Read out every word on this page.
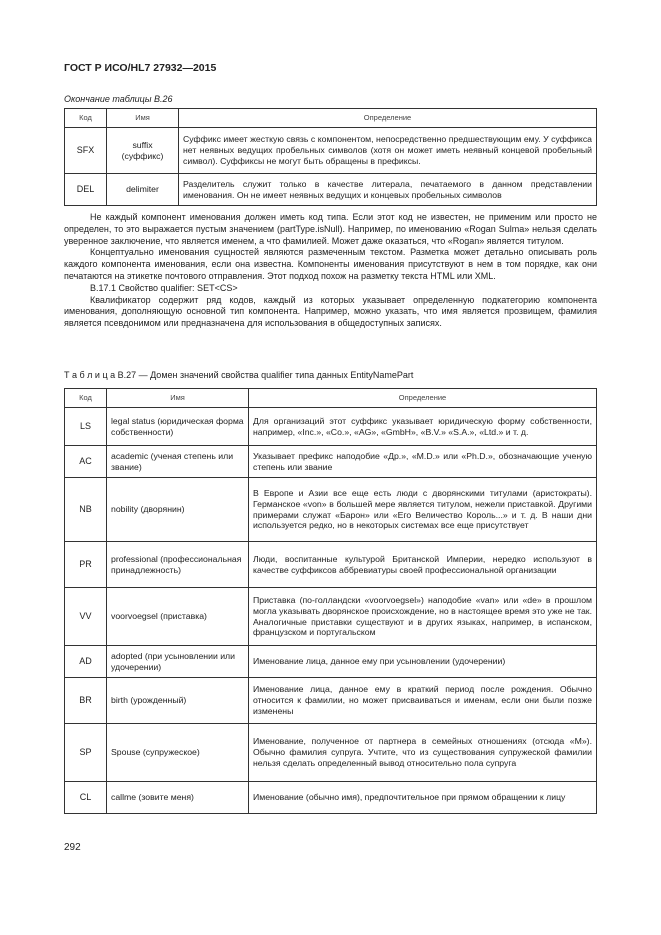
ГОСТ Р ИСО/HL7 27932—2015
Окончание таблицы В.26
Код	Имя	Определение
SFX	suffix (суффикс)	Суффикс имеет жесткую связь с компонентом, непосредственно предшествующим ему. У суффикса нет неявных ведущих пробельных символов (хотя он может иметь неявный концевой пробельный символ). Суффиксы не могут быть обращены в префиксы.
DEL	delimiter	Разделитель служит только в качестве литерала, печатаемого в данном представлении именования. Он не имеет неявных ведущих и концевых пробельных символов

Не каждый компонент именования должен иметь код типа. Если этот код не известен, не применим или просто не определен, то это выражается пустым значением (partType.isNull). Например, по именованию «Rogan Sulma» нельзя сделать уверенное заключение, что является именем, а что фамилией. Может даже оказаться, что «Rogan» является титулом.

Концептуально именования сущностей являются размеченным текстом. Разметка может детально описывать роль каждого компонента именования, если она известна. Компоненты именования присутствуют в нем в том порядке, как они печатаются на этикетке почтового отправления. Этот подход похож на разметку текста HTML или XML.

В.17.1 Свойство qualifier: SET<CS>

Квалификатор содержит ряд кодов, каждый из которых указывает определенную подкатегорию компонента именования, дополняющую основной тип компонента. Например, можно указать, что имя является прозвищем, фамилия является псевдонимом или предназначена для использования в общедоступных записях.

Т а б л и ц а В.27 — Домен значений свойства qualifier типа данных EntityNamePart
Код	Имя	Определение
LS	legal status (юридическая форма собственности)	Для организаций этот суффикс указывает юридическую форму собственности, например, «Inc.», «Co.», «AG», «GmbH», «B.V.» «S.A.», «Ltd.» и т. д.
AC	academic (ученая степень или звание)	Указывает префикс наподобие «Др.», «M.D.» или «Ph.D.», обозначающие ученую степень или звание
NB	nobility (дворянин)	В Европе и Азии все еще есть люди с дворянскими титулами (аристократы). Германское «von» в большей мере является титулом, нежели приставкой. Другими примерами служат «Барон» или «Его Величество Король...» и т. д. В наши дни используется редко, но в некоторых системах все еще присутствует
PR	professional (профессиональная принадлежность)	Люди, воспитанные культурой Британской Империи, нередко используют в качестве суффиксов аббревиатуры своей профессиональной организации
VV	voorvoegsel (приставка)	Приставка (по-голландски «voorvoegsel») наподобие «van» или «de» в прошлом могла указывать дворянское происхождение, но в настоящее время это уже не так. Аналогичные приставки существуют и в других языках, например, в испанском, французском и португальском
AD	adopted (при усыновлении или удочерении)	Именование лица, данное ему при усыновлении (удочерении)
BR	birth (урожденный)	Именование лица, данное ему в краткий период после рождения. Обычно относится к фамилии, но может присваиваться и именам, если они были позже изменены
SP	Spouse (супружеское)	Именование, полученное от партнера в семейных отношениях (отсюда «М»). Обычно фамилия супруга. Учтите, что из существования супружеской фамилии нельзя сделать определенный вывод относительно пола супруга
CL	callme (зовите меня)	Именование (обычно имя), предпочтительное при прямом обращении к лицу
292
